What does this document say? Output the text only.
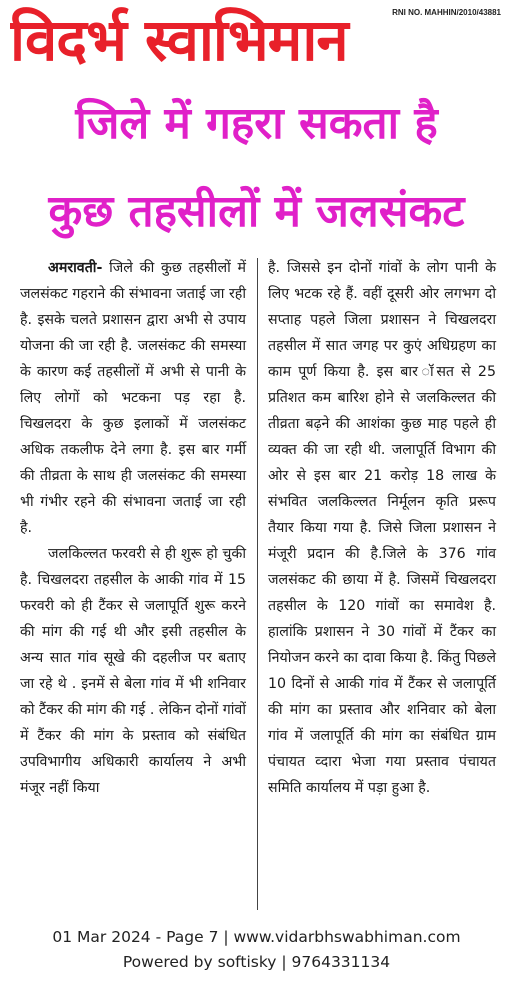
विदर्भ स्वाभिमान	RNI NO. MAHHIN/2010/43881
जिले में गहरा सकता है
कुछ तहसीलों में जलसंकट

अमरावती- जिले की कुछ तहसीलों में जलसंकट गहराने की संभावना जताई जा रही है. इसके चलते प्रशासन द्वारा अभी से उपाय योजना की जा रही है. जलसंकट की समस्या के कारण कई तहसीलों में अभी से पानी के लिए लोगों को भटकना पड़ रहा है. चिखलदरा के कुछ इलाकों में जलसंकट अधिक तकलीफ देने लगा है. इस बार गर्मी की तीव्रता के साथ ही जलसंकट की समस्या भी गंभीर रहने की संभावना जताई जा रही है.

जलकिल्लत फरवरी से ही शुरू हो चुकी है. चिखलदरा तहसील के आकी गांव में 15 फरवरी को ही टैंकर से जलापूर्ति शुरू करने की मांग की गई थी और इसी तहसील के अन्य सात गांव सूखे की दहलीज पर बताए जा रहे थे . इनमें से बेला गांव में भी शनिवार को टैंकर की मांग की गई . लेकिन दोनों गांवों में टैंकर की मांग के प्रस्ताव को संबंधित उपविभागीय अधिकारी कार्यालय ने अभी मंजूर नहीं किया

है. जिससे इन दोनों गांवों के लोग पानी के लिए भटक रहे हैं. वहीं दूसरी ओर लगभग दो सप्ताह पहले जिला प्रशासन ने चिखलदरा तहसील में सात जगह पर कुएं अधिग्रहण का काम पूर्ण किया है. इस बार ॉसत से 25 प्रतिशत कम बारिश होने से जलकिल्लत की तीव्रता बढ़ने की आशंका कुछ माह पहले ही व्यक्त की जा रही थी. जलापूर्ति विभाग की ओर से इस बार 21 करोड़ 18 लाख के संभवित जलकिल्लत निर्मूलन कृति प्ररूप तैयार किया गया है. जिसे जिला प्रशासन ने मंजूरी प्रदान की है.जिले के 376 गांव जलसंकट की छाया में है. जिसमें चिखलदरा तहसील के 120 गांवों का समावेश है. हालांकि प्रशासन ने 30 गांवों में टैंकर का नियोजन करने का दावा किया है. किंतु पिछले 10 दिनों से आकी गांव में टैंकर से जलापूर्ति की मांग का प्रस्ताव और शनिवार को बेला गांव में जलापूर्ति की मांग का संबंधित ग्राम पंचायत व्दारा भेजा गया प्रस्ताव पंचायत समिति कार्यालय में पड़ा हुआ है.

01 Mar 2024 - Page 7 | www.vidarbhswabhiman.com
Powered by softisky | 9764331134
